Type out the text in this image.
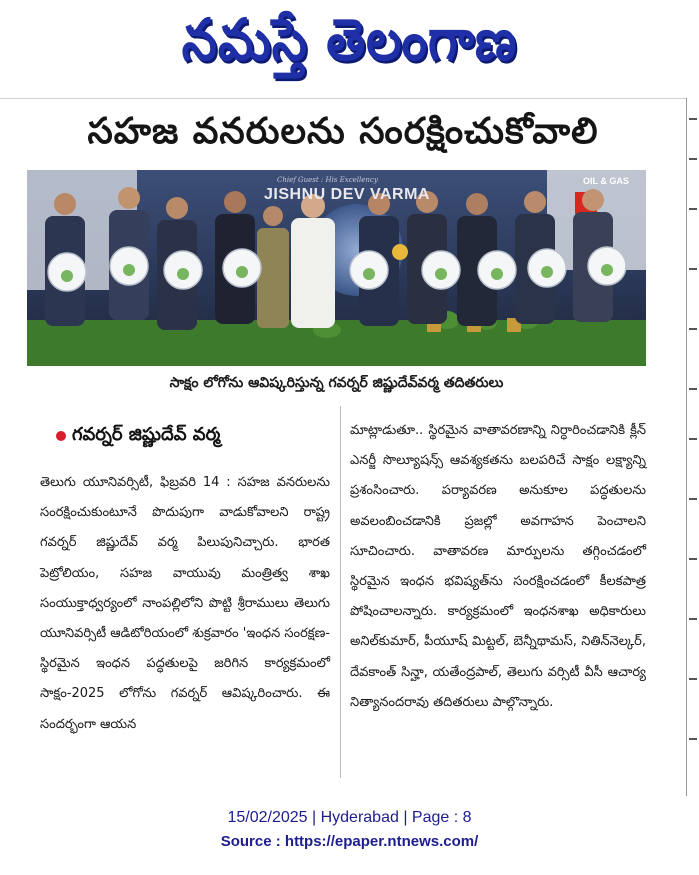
నమస్తే తెలంగాణ
సహజ వనరులను సంరక్షించుకోవాలి
Chief Guest : His Excellency
JISHNU DEV VARMA
OIL & GAS
సాక్షం లోగోను ఆవిష్కరిస్తున్న గవర్నర్‌ జిష్ణుదేవ్‌వర్మ తదితరులు
గవర్నర్‌ జిష్ణుదేవ్‌ వర్మ

తెలుగు యూనివర్సిటీ, ఫిబ్రవరి 14 : సహజ వనరులను సంరక్షించుకుంటూనే పొదుపుగా వాడుకోవాలని రాష్ట్ర గవర్నర్‌ జిష్ణుదేవ్‌ వర్మ పిలుపునిచ్చారు. భారత పెట్రోలియం, సహజ వాయువు మంత్రిత్వ శాఖ సంయుక్తాధ్వర్యంలో నాంపల్లిలోని పొట్టి శ్రీరాములు తెలుగు యూనివర్సిటీ ఆడిటోరియంలో శుక్రవారం 'ఇంధన సంరక్షణ- స్థిరమైన ఇంధన పద్ధతులపై జరిగిన కార్యక్రమంలో సాక్షం-2025 లోగోను గవర్నర్‌ ఆవిష్కరించారు. ఈ సందర్భంగా ఆయన

మాట్లాడుతూ.. స్థిరమైన వాతావరణాన్ని నిర్ధారించడానికి క్లీన్‌ ఎనర్జీ సొల్యూషన్స్‌ ఆవశ్యకతను బలపరిచే సాక్షం లక్ష్యాన్ని ప్రశంసించారు. పర్యావరణ అనుకూల పద్ధతులను అవలంబించడానికి ప్రజల్లో అవగాహన పెంచాలని సూచించారు. వాతావరణ మార్పులను తగ్గించడంలో స్థిరమైన ఇంధన భవిష్యత్‌ను సంరక్షించడంలో కీలకపాత్ర పోషించాలన్నారు. కార్యక్రమంలో ఇంధనశాఖ అధికారులు అనిల్‌కుమార్‌, పీయూష్‌ మిట్టల్‌, బెన్నీథామస్‌, నితిన్‌నెల్కర్‌, దేవకాంత్‌ సిన్హా, యతేంద్రపాల్‌, తెలుగు వర్సిటీ వీసీ ఆచార్య నిత్యానందరావు తదితరులు పాల్గొన్నారు.

15/02/2025 | Hyderabad | Page : 8
Source : https://epaper.ntnews.com/
